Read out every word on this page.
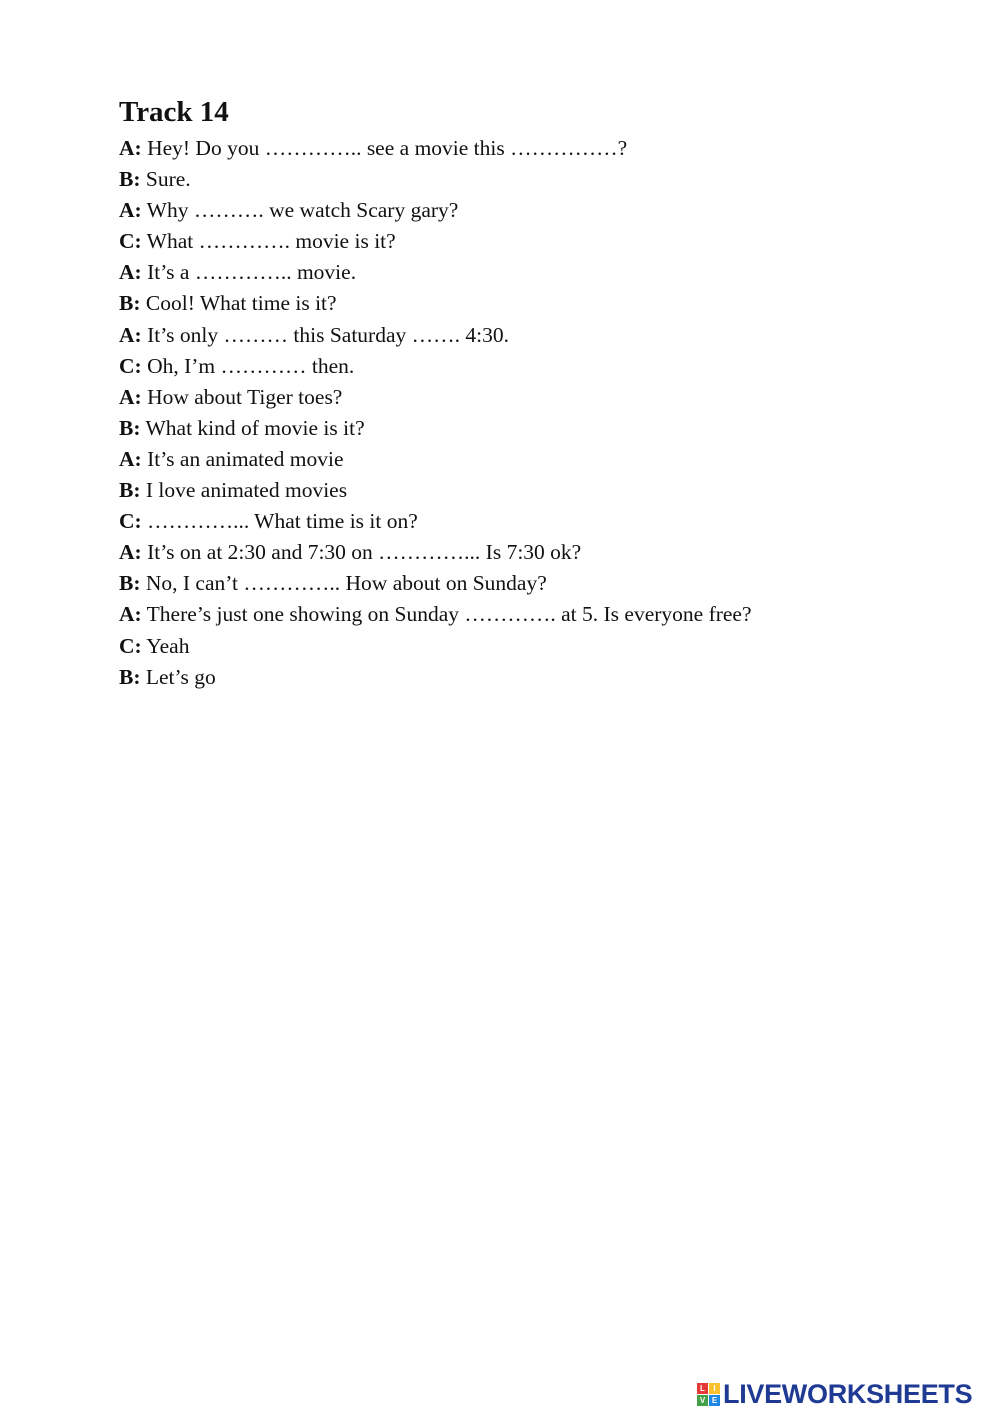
Track 14
A: Hey! Do you ………….. see a movie this ……………?
B: Sure.
A: Why ………. we watch Scary gary?
C: What …………. movie is it?
A: It’s a ………….. movie.
B: Cool! What time is it?
A: It’s only ……… this Saturday ……. 4:30.
C: Oh, I’m ………… then.
A: How about Tiger toes?
B: What kind of movie is it?
A: It’s an animated movie
B: I love animated movies
C: …………... What time is it on?
A: It’s on at 2:30 and 7:30 on …………... Is 7:30 ok?
B: No, I can’t ………….. How about on Sunday?
A: There’s just one showing on Sunday …………. at 5. Is everyone free?
C: Yeah
B: Let’s go
L	I
V E LIVEWORKSHEETS
